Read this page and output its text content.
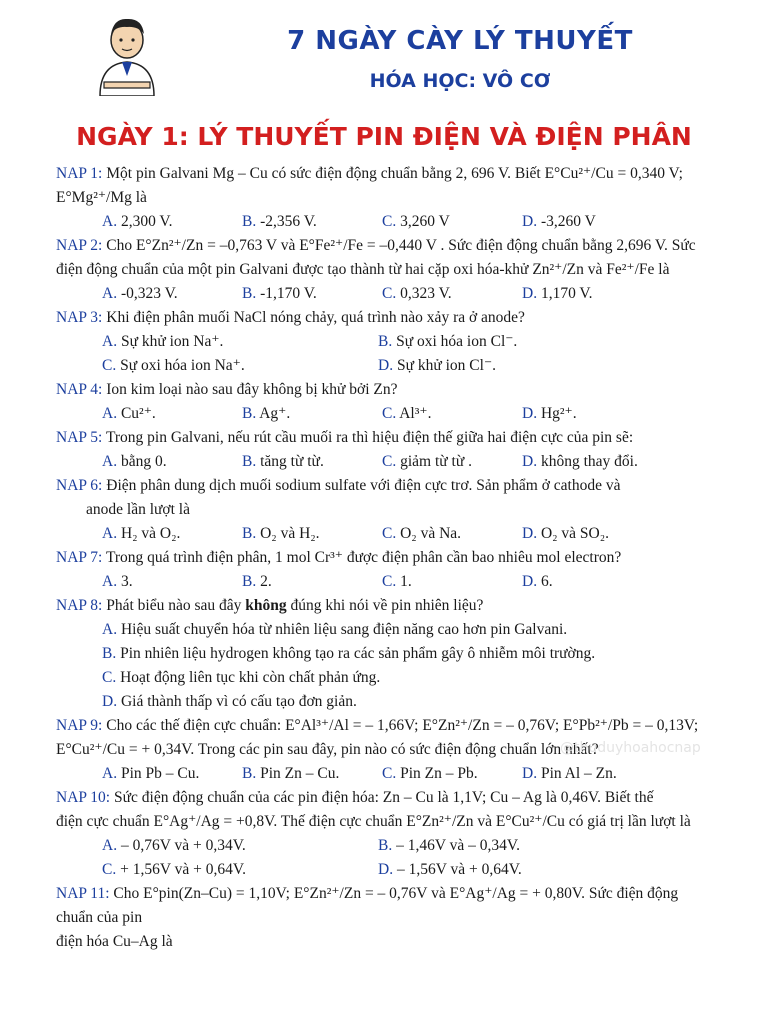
7 NGÀY CÀY LÝ THUYẾT
HÓA HỌC: VÔ CƠ
NGÀY 1: LÝ THUYẾT PIN ĐIỆN VÀ ĐIỆN PHÂN
NAP 1: Một pin Galvani Mg – Cu có sức điện động chuẩn bằng 2, 696 V. Biết E°Cu²⁺/Cu = 0,340 V;
E°Mg²⁺/Mg là
A. 2,300 V.	B. -2,356 V.	C. 3,260 V	D. -3,260 V
NAP 2: Cho E°Zn²⁺/Zn = –0,763 V và E°Fe²⁺/Fe = –0,440 V . Sức điện động chuẩn bằng 2,696 V. Sức
điện động chuẩn của một pin Galvani được tạo thành từ hai cặp oxi hóa-khử Zn²⁺/Zn và Fe²⁺/Fe là
A. -0,323 V.	B. -1,170 V.	C. 0,323 V.	D. 1,170 V.
NAP 3: Khi điện phân muối NaCl nóng chảy, quá trình nào xảy ra ở anode?
A. Sự khử ion Na⁺.	B. Sự oxi hóa ion Cl⁻.
C. Sự oxi hóa ion Na⁺.	D. Sự khử ion Cl⁻.
NAP 4: Ion kim loại nào sau đây không bị khử bởi Zn?
A. Cu²⁺.	B. Ag⁺.	C. Al³⁺.	D. Hg²⁺.
NAP 5: Trong pin Galvani, nếu rút cầu muối ra thì hiệu điện thế giữa hai điện cực của pin sẽ:
A. bằng 0.	B. tăng từ từ.	C. giảm từ từ .	D. không thay đổi.
NAP 6: Điện phân dung dịch muối sodium sulfate với điện cực trơ. Sản phẩm ở cathode và
anode lần lượt là
A. H₂ và O₂.	B. O₂ và H₂.	C. O₂ và Na.	D. O₂ và SO₂.
NAP 7: Trong quá trình điện phân, 1 mol Cr³⁺ được điện phân cần bao nhiêu mol electron?
A. 3.	B. 2.	C. 1.	D. 6.
NAP 8: Phát biểu nào sau đây không đúng khi nói về pin nhiên liệu?
A. Hiệu suất chuyển hóa từ nhiên liệu sang điện năng cao hơn pin Galvani.
B. Pin nhiên liệu hydrogen không tạo ra các sản phẩm gây ô nhiễm môi trường.
C. Hoạt động liên tục khi còn chất phản ứng.
D. Giá thành thấp vì có cấu tạo đơn giản.
NAP 9: Cho các thế điện cực chuẩn: E°Al³⁺/Al = – 1,66V; E°Zn²⁺/Zn = – 0,76V; E°Pb²⁺/Pb = – 0,13V;
E°Cu²⁺/Cu = + 0,34V. Trong các pin sau đây, pin nào có sức điện động chuẩn lớn nhất?
A. Pin Pb – Cu.	B. Pin Zn – Cu.	C. Pin Zn – Pb.	D. Pin Al – Zn.
NAP 10: Sức điện động chuẩn của các pin điện hóa: Zn – Cu là 1,1V; Cu – Ag là 0,46V. Biết thế
điện cực chuẩn E°Ag⁺/Ag = +0,8V. Thế điện cực chuẩn E°Zn²⁺/Zn và E°Cu²⁺/Cu có giá trị lần lượt là
A. – 0,76V và + 0,34V.	B. – 1,46V và – 0,34V.
C. + 1,56V và + 0,64V.	D. – 1,56V và + 0,64V.
NAP 11: Cho E°pin(Zn–Cu) = 1,10V; E°Zn²⁺/Zn = – 0,76V và E°Ag⁺/Ag = + 0,80V. Sức điện động chuẩn của pin
điện hóa Cu–Ag là
@thuduyhoahocnap
